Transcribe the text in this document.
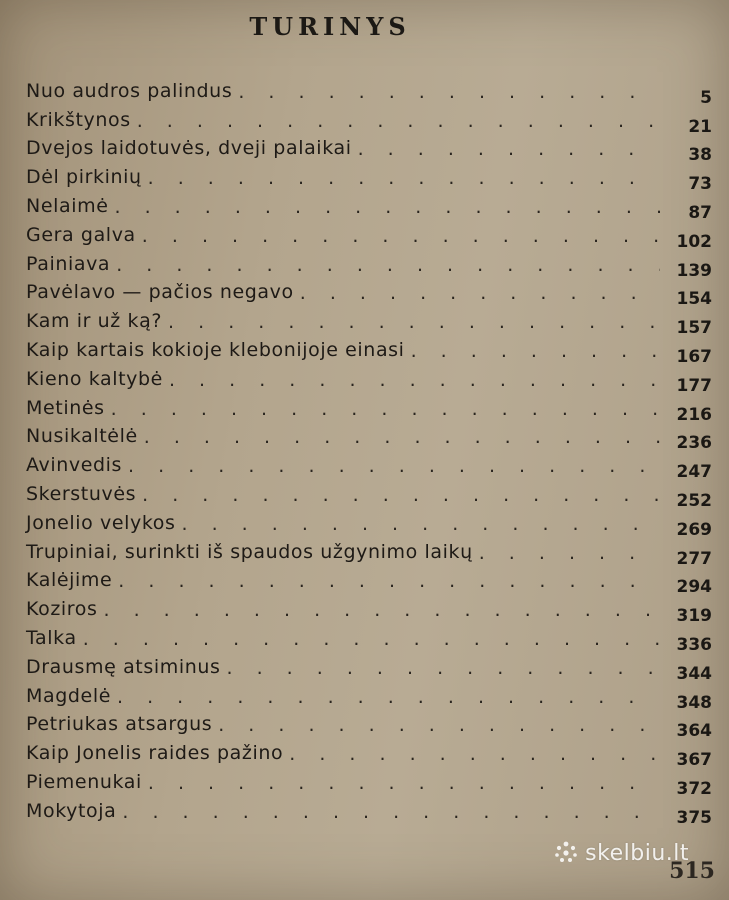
TURINYS
Nuo audros palindus . . .	5
Krikštynos . . .	21
Dvejos laidotuvės, dveji palaikai . . .	38
Dėl pirkinių . . .	73
Nelaimė . . .	87
Gera galva . . .	102
Painiava . . .	139
Pavėlavo — pačios negavo . . .	154
Kam ir už ką? . . .	157
Kaip kartais kokioje klebonijoje einasi . . .	167
Kieno kaltybė . . .	177
Metinės . . .	216
Nusikaltėlė . . .	236
Avinvedis . . .	247
Skerstuvės . . .	252
Jonelio velykos . . .	269
Trupiniai, surinkti iš spaudos užgynimo laikų . . .	277
Kalėjime . . .	294
Koziros . . .	319
Talka . . .	336
Drausmę atsiminus . . .	344
Magdelė . . .	348
Petriukas atsargus . . .	364
Kaip Jonelis raides pažino . . .	367
Piemenukai . . .	372
Mokytoja . . .	375
skelbiu.lt
515
